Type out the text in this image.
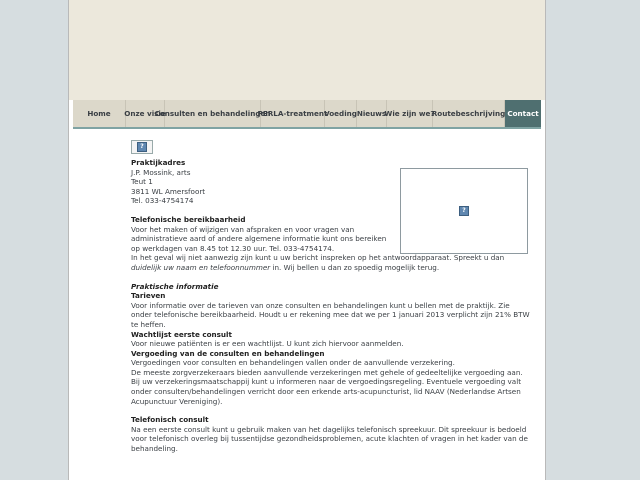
Home	Onze visie
Consulten en behandelingen
PERLA-treatment
Voeding Nieuws
Wie zijn we?
Routebeschrijving Contact
?
?
Praktijkadres
J.P. Mossink, arts
Teut 1
3811 WL Amersfoort
Tel. 033-4754174
Telefonische bereikbaarheid
Voor het maken of wijzigen van afspraken en voor vragen van administratieve aard of andere algemene informatie kunt ons bereiken op werkdagen van 8.45 tot 12.30 uur. Tel. 033-4754174.
In het geval wij niet aanwezig zijn kunt u uw bericht inspreken op het antwoordapparaat. Spreekt u dan duidelijk uw naam en telefoonnummer in. Wij bellen u dan zo spoedig mogelijk terug.
Praktische informatie
Tarieven
Voor informatie over de tarieven van onze consulten en behandelingen kunt u bellen met de praktijk. Zie onder telefonische bereikbaarheid. Houdt u er rekening mee dat we per 1 januari 2013 verplicht zijn 21% BTW te heffen.
Wachtlijst eerste consult
Voor nieuwe patiënten is er een wachtlijst. U kunt zich hiervoor aanmelden.
Vergoeding van de consulten en behandelingen
Vergoedingen voor consulten en behandelingen vallen onder de aanvullende verzekering.
De meeste zorgverzekeraars bieden aanvullende verzekeringen met gehele of gedeeltelijke vergoeding aan. Bij uw verzekeringsmaatschappij kunt u informeren naar de vergoedingsregeling. Eventuele vergoeding valt onder consulten/behandelingen verricht door een erkende arts-acupuncturist, lid NAAV (Nederlandse Artsen Acupunctuur Vereniging).
Telefonisch consult
Na een eerste consult kunt u gebruik maken van het dagelijks telefonisch spreekuur. Dit spreekuur is bedoeld voor telefonisch overleg bij tussentijdse gezondheidsproblemen, acute klachten of vragen in het kader van de behandeling.
